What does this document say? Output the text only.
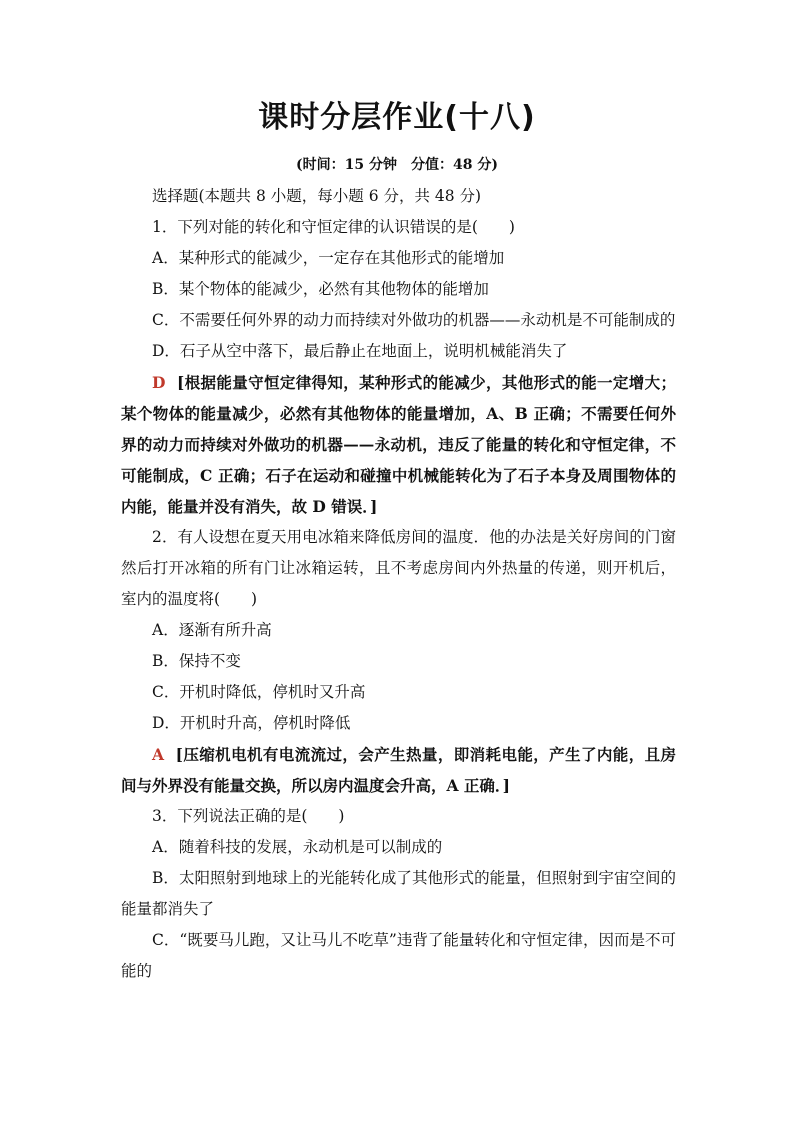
课时分层作业(十八)
(时间：15 分钟　分值：48 分)

选择题(本题共 8 小题，每小题 6 分，共 48 分)

1．下列对能的转化和守恒定律的认识错误的是(　　)

A．某种形式的能减少，一定存在其他形式的能增加

B．某个物体的能减少，必然有其他物体的能增加

C．不需要任何外界的动力而持续对外做功的机器——永动机是不可能制成的

D．石子从空中落下，最后静止在地面上，说明机械能消失了

D [根据能量守恒定律得知，某种形式的能减少，其他形式的能一定增大；某个物体的能量减少，必然有其他物体的能量增加，A、B 正确；不需要任何外界的动力而持续对外做功的机器——永动机，违反了能量的转化和守恒定律，不可能制成，C 正确；石子在运动和碰撞中机械能转化为了石子本身及周围物体的内能，能量并没有消失，故 D 错误．]

2．有人设想在夏天用电冰箱来降低房间的温度．他的办法是关好房间的门窗然后打开冰箱的所有门让冰箱运转，且不考虑房间内外热量的传递，则开机后，室内的温度将(　　)

A．逐渐有所升高

B．保持不变

C．开机时降低，停机时又升高

D．开机时升高，停机时降低

A [压缩机电机有电流流过，会产生热量，即消耗电能，产生了内能，且房间与外界没有能量交换，所以房内温度会升高，A 正确．]

3．下列说法正确的是(　　)

A．随着科技的发展，永动机是可以制成的

B．太阳照射到地球上的光能转化成了其他形式的能量，但照射到宇宙空间的能量都消失了

C．“既要马儿跑，又让马儿不吃草”违背了能量转化和守恒定律，因而是不可能的
